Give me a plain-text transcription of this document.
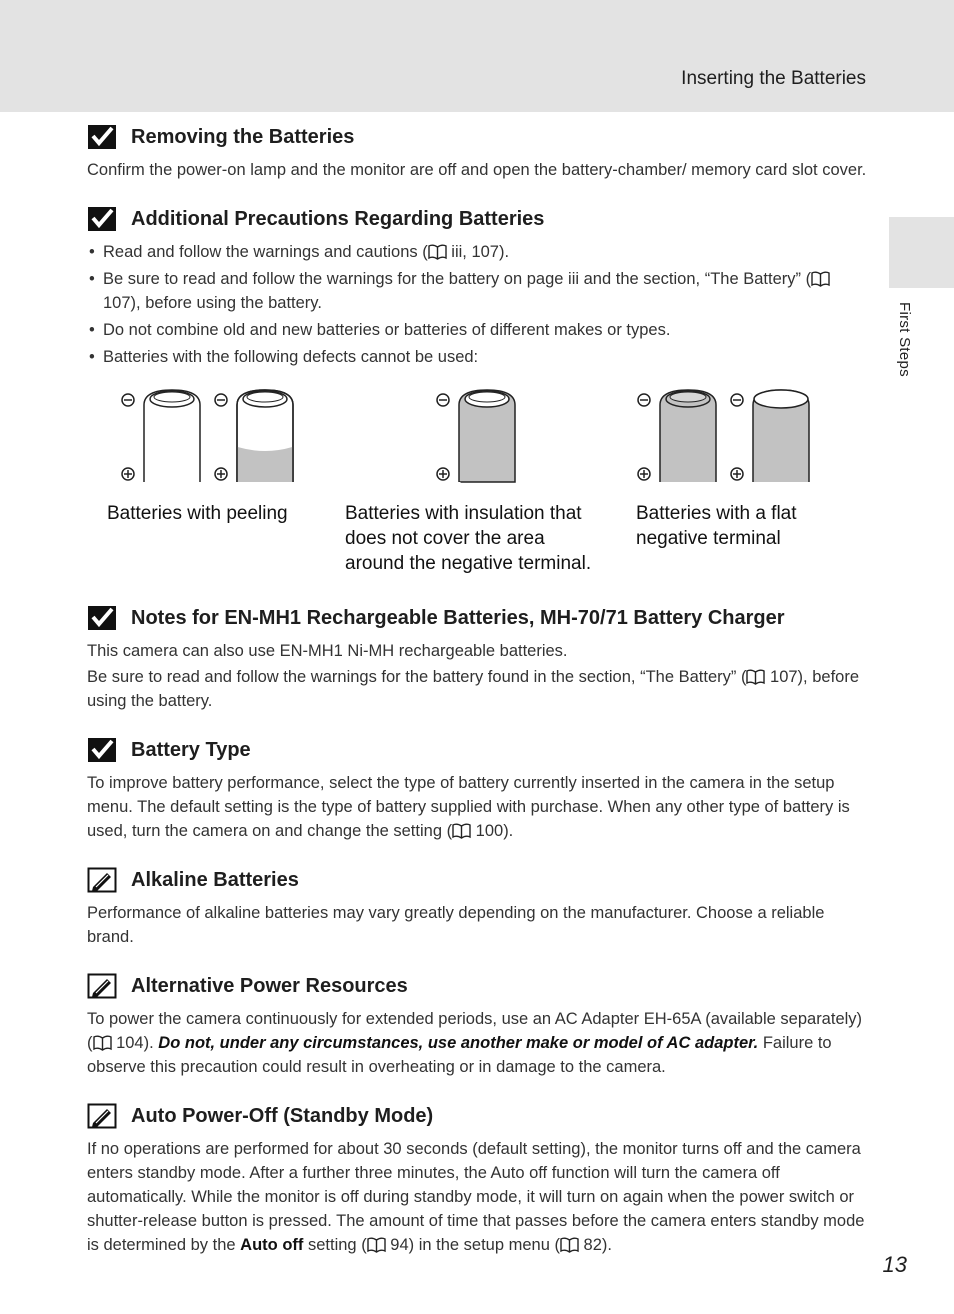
Inserting the Batteries
First Steps
Removing the Batteries

Confirm the power-on lamp and the monitor are off and open the battery-chamber/ memory card slot cover.

Additional Precautions Regarding Batteries
• Read and follow the warnings and cautions ( iii, 107).
• Be sure to read and follow the warnings for the battery on page iii and the section, “The Battery” ( 107), before using the battery.
• Do not combine old and new batteries or batteries of different makes or types.
• Batteries with the following defects cannot be used:
Batteries with peeling	Batteries with insulation that
does not cover the area
around the negative terminal.
Batteries with a flat
negative terminal
Notes for EN-MH1 Rechargeable Batteries, MH-70/71 Battery Charger

This camera can also use EN-MH1 Ni-MH rechargeable batteries.

Be sure to read and follow the warnings for the battery found in the section, “The Battery” ( 107), before using the battery.

Battery Type

To improve battery performance, select the type of battery currently inserted in the camera in the setup menu. The default setting is the type of battery supplied with purchase. When any other type of battery is used, turn the camera on and change the setting ( 100).

Alkaline Batteries

Performance of alkaline batteries may vary greatly depending on the manufacturer. Choose a reliable brand.

Alternative Power Resources

To power the camera continuously for extended periods, use an AC Adapter EH-65A (available separately) ( 104). Do not, under any circumstances, use another make or model of AC adapter. Failure to observe this precaution could result in overheating or in damage to the camera.

Auto Power-Off (Standby Mode)

If no operations are performed for about 30 seconds (default setting), the monitor turns off and the camera enters standby mode. After a further three minutes, the Auto off function will turn the camera off automatically. While the monitor is off during standby mode, it will turn on again when the power switch or shutter-release button is pressed. The amount of time that passes before the camera enters standby mode is determined by the Auto off setting ( 94) in the setup menu ( 82).

13
